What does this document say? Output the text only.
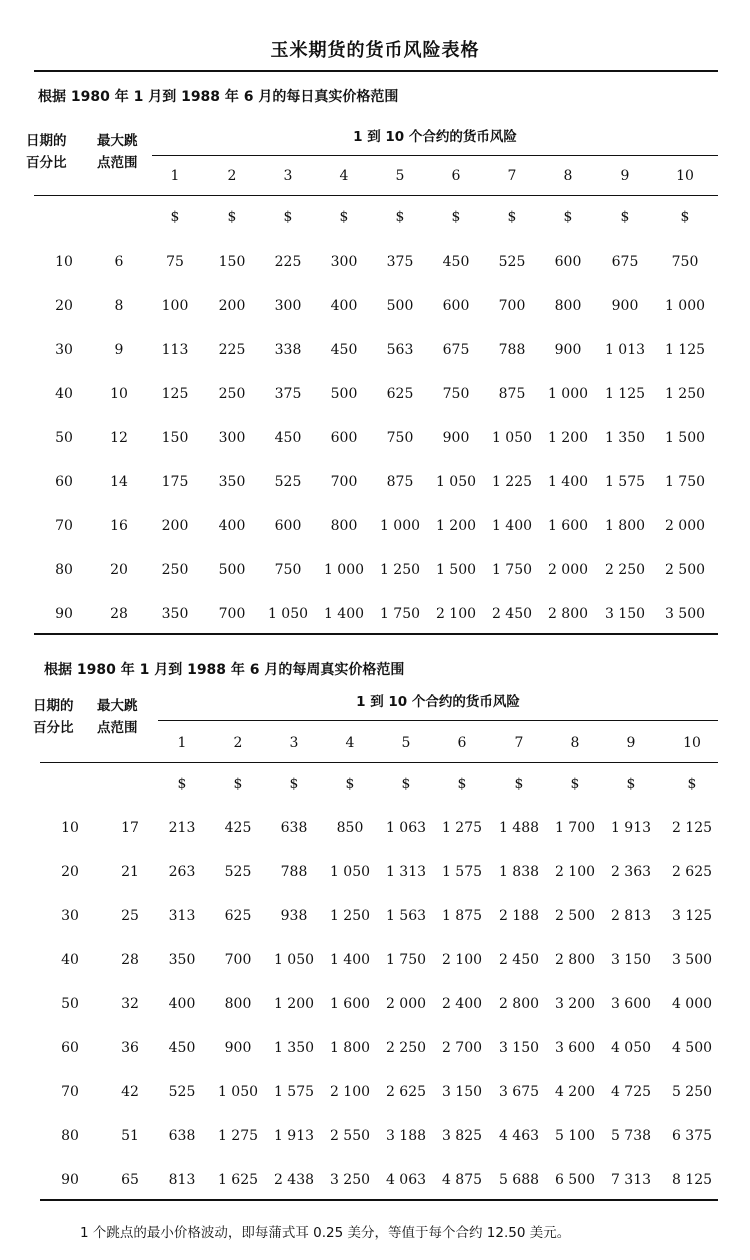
玉米期货的货币风险表格
根据 1980 年 1 月到 1988 年 6 月的每日真实价格范围
日期的
百分比
最大跳
点范围
1 到 10 个合约的货币风险
1	2	3	4	5	6	7	8	9	10
$	$	$	$	$	$	$	$	$	$
10	6	75	150	225	300	375	450	525	600	675	750
20	8	100	200	300	400	500	600	700	800	900	1 000
30	9	113	225	338	450	563	675	788	900	1 013	1 125
40	10	125	250	375	500	625	750	875	1 000	1 125	1 250
50	12	150	300	450	600	750	900	1 050	1 200	1 350	1 500
60	14	175	350	525	700	875	1 050	1 225	1 400	1 575	1 750
70	16	200	400	600	800	1 000	1 200	1 400	1 600	1 800	2 000
80	20	250	500	750	1 000	1 250	1 500	1 750	2 000	2 250	2 500
90	28	350	700	1 050	1 400	1 750	2 100	2 450	2 800	3 150	3 500
根据 1980 年 1 月到 1988 年 6 月的每周真实价格范围
日期的
百分比
最大跳
点范围
1 到 10 个合约的货币风险
1	2	3	4	5	6	7	8	9	10
$	$	$	$	$	$	$	$	$	$
10	17	213	425	638	850	1 063	1 275	1 488	1 700	1 913	2 125
20	21	263	525	788	1 050	1 313	1 575	1 838	2 100	2 363	2 625
30	25	313	625	938	1 250	1 563	1 875	2 188	2 500	2 813	3 125
40	28	350	700	1 050	1 400	1 750	2 100	2 450	2 800	3 150	3 500
50	32	400	800	1 200	1 600	2 000	2 400	2 800	3 200	3 600	4 000
60	36	450	900	1 350	1 800	2 250	2 700	3 150	3 600	4 050	4 500
70	42	525	1 050	1 575	2 100	2 625	3 150	3 675	4 200	4 725	5 250
80	51	638	1 275	1 913	2 550	3 188	3 825	4 463	5 100	5 738	6 375
90	65	813	1 625	2 438	3 250	4 063	4 875	5 688	6 500	7 313	8 125
1 个跳点的最小价格波动，即每蒲式耳 0.25 美分，等值于每个合约 12.50 美元。
